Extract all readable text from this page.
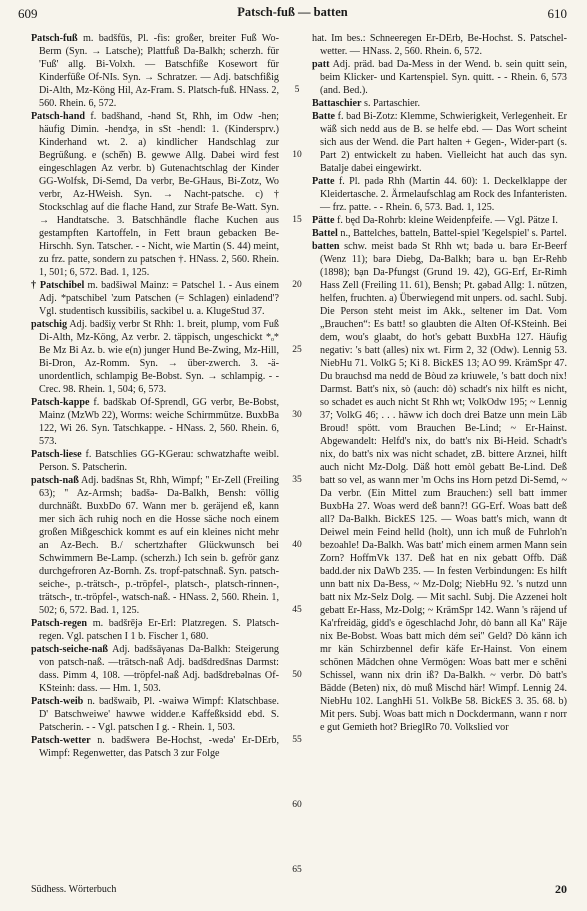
609	Patsch-fuß — batten	610

Patsch-fuß m. badšfūs, Pl. -fis: großer, breiter Fuß Wo-Berm (Syn. → Latsche); Plattfuß Da-Balkh; scherzh. für 'Fuß' allg. Bi-Volxh. — Batschfiße Kosewort für Kinderfüße Of-NIs. Syn. → Schratzer. — Adj. batschfißig Di-Alth, Mz-Köng Hil, Az-Fram. S. Platsch-fuß. HNass. 2, 560. Rhein. 6, 572.

Patsch-hand f. badšhand, -hənd St, Rhh, im Odw -hen; häufig Dimin. -hendʒə, in sSt -hendl: 1. (Kindersprv.) Kinderhand wt. 2. a) kindlicher Handschlag zur Begrüßung. e (schē̆n) B. gewwe Allg. Dabei wird fest eingeschlagen Az verbr. b) Gutenachtschlag der Kinder GG-Wolfsk, Di-Semd, Da verbr, Be-GHaus, Bi-Zotz, Wo verbr, Az-HWeish. Syn. → Nacht-patsche. c) † Stockschlag auf die flache Hand, zur Strafe Be-Watt. Syn. → Handtatsche. 3. Batschhändle flache Kuchen aus gestampften Kartoffeln, in Fett braun gebacken Be-Hirschh. Syn. Tatscher. - - Nicht, wie Martin (S. 44) meint, zu frz. patte, sondern zu patschen †. HNass. 2, 560. Rhein. 1, 501; 6, 572. Bad. 1, 125.

† Patschibel m. badšiwəl Mainz: = Patschel 1. - Aus einem Adj. *patschibel 'zum Patschen (= Schlagen) einladend'? Vgl. studentisch kussibilis, sackibel u. a. KlugeStud 37.

patschig Adj. badšiχ verbr St Rhh: 1. breit, plump, vom Fuß Di-Alth, Mz-Köng, Az verbr. 2. täppisch, ungeschickt *ₒ* Be Mz Bi Az. b. wie e(n) junger Hund Be-Zwing, Mz-Hill, Bi-Dron, Az-Romm. Syn. → über-zwerch. 3. -ä- unordentlich, schlampig Be-Bobst. Syn. → schlampig. - - Crec. 98. Rhein. 1, 504; 6, 573.

Patsch-kappe f. badškab Of-Sprendl, GG verbr, Be-Bobst, Mainz (MzWb 22), Worms: weiche Schirmmütze. BuxbBa 122, Wi 26. Syn. Tatschkappe. - HNass. 2, 560. Rhein. 6, 573.

Patsch-liese f. Batschlies GG-KGerau: schwatzhafte weibl. Person. S. Patscherin.

patsch-naß Adj. badšnas St, Rhh, Wimpf; '' Er-Zell (Freiling 63); '' Az-Armsh; badšə- Da-Balkh, Bensh: völlig durchnäßt. BuxbDo 67. Wann mer b. geräjend eß, kann mer sich äch ruhig noch en die Hosse säche noch einem großen Mißgeschick kommt es auf ein kleines nicht mehr an Az-Bech. B./ schertzhafter Glückwunsch bei Schwimmern Be-Lamp. (scherzh.) Ich sein b. gefrör ganz durchgefroren Az-Bornh. Zs. tropf-patschnaß. Syn. patsch-seiche-, p.-trätsch-, p.-tröpfel-, platsch-, platsch-rinnen-, trätsch-, tr.-tröpfel-, watsch-naß. - HNass. 2, 560. Rhein. 1, 502; 6, 572. Bad. 1, 125.

Patsch-regen m. badšrējə Er-Erl: Platzregen. S. Platsch-regen. Vgl. patschen I 1 b. Fischer 1, 680.

patsch-seiche-naß Adj. badšsāγənas Da-Balkh: Steigerung von patsch-naß. —trätsch-naß Adj. badšdredšnas Darmst: dass. Pimm 4, 108. —tröpfel-naß Adj. badšdrebəlnas Of-KSteinh: dass. — Hm. 1, 503.

Patsch-weib n. badšwaib, Pl. -waiwə Wimpf: Klatschbase. D' Batschweiwe' hawwe widder.e Kaffeßksidd ebd. S. Patscherin. - - Vgl. patschen I g. - Rhein. 1, 503.

Patsch-wetter n. badšwerə Be-Hochst, -wedə' Er-DErb, Wimpf: Regenwetter, das Patsch 3 zur Folge

5
10
15
20
25
30
35
40
45
50
55
60
65

hat. Im bes.: Schneeregen Er-DErb, Be-Hochst. S. Patschel-wetter. — HNass. 2, 560. Rhein. 6, 572.

patt Adj. präd. bad Da-Mess in der Wend. b. sein quitt sein, beim Klicker- und Kartenspiel. Syn. quitt. - - Rhein. 6, 573 (and. Bed.).

Battaschier s. Partaschier.

Batte f. bad Bi-Zotz: Klemme, Schwierigkeit, Verlegenheit. Er wäß sich nedd aus de B. se helfe ebd. — Das Wort scheint sich aus der Wend. die Part halten + Gegen-, Wider-part (s. Part 2) entwickelt zu haben. Vielleicht hat auch das syn. Batalje dabei eingewirkt.

Patte f. Pl. padə Rhh (Martin 44. 60): 1. Deckelklappe der Kleidertasche. 2. Ärmelaufschlag am Rock des Infanteristen. — frz. patte. - - Rhein. 6, 573. Bad. 1, 125.

Pätte f. będ Da-Rohrb: kleine Weidenpfeife. — Vgl. Pätze I.

Battel n., Battelches, batteln, Battel-spiel 'Kegelspiel' s. Partel.

batten schw. meist badə St Rhh wt; badə u. barə Er-Beerf (Wenz 11); barə Diebg, Da-Balkh; barə u. bạn Er-Rehb (1898); bạn Da-Pfungst (Grund 19. 42), GG-Erf, Er-Rimh Hass Zell (Freiling 11. 61), Bensh; Pt. gəbad Allg: 1. nützen, helfen, fruchten. a) Überwiegend mit unpers. od. sachl. Subj. Die Person steht meist im Akk., seltener im Dat. Vom „Brauchen“: Es batt! so glaubten die Alten Of-KSteinh. Bei dem, wou's glaabt, do hot's gebatt BuxbHa 127. Häufig negativ: 's batt (alles) nix wt. Firm 2, 32 (Odw). Lennig 53. NiebHu 71. VolkG 5; Ki 8. BickES 13; AO 99. KrämSpr 47. Du brauchsd ma nedd de Bòud zə kriuwele, 's batt doch nix! Darmst. Batt's nix, sò (auch: dò) schadt's nix hilft es nicht, so schadet es auch nicht St Rhh wt; VolkOdw 195; ~ Lennig 37; VolkG 46; . . . häww ich doch drei Batze unn mein Läb Broud! spött. vom Brauchen Be-Lind; ~ Er-Hainst. Abgewandelt: Helfd's nix, do batt's nix Bi-Heid. Schadt's nix, do batt's nix was nicht schadet, zB. bittere Arznei, hilft auch nicht Mz-Dolg. Däß hott emòl gebatt Be-Lind. Deß batt so vel, as wann mer 'm Ochs ins Horn petzd Di-Semd, ~ Da verbr. (Ein Mittel zum Brauchen:) sell batt immer BuxbHa 27. Woas werd deß bann?! GG-Erf. Woas batt deß all? Da-Balkh. BickES 125. — Woas batt's mich, wann dt Deiwel mein Feind helld (holt), unn ich muß de Fuhrloh'n bezoahle! Da-Balkh. Was batt' mich einem armen Mann sein Zorn? HoffmVk 137. Deß hat en nix gebatt Offb. Däß badd.der nix DaWb 235. — In festen Verbindungen: Es hilft unn batt nix Da-Bess, ~ Mz-Dolg; NiebHu 92. 's nutzd unn batt nix Mz-Selz Dolg. — Mit sachl. Subj. Die Azzenei holt gebatt Er-Hass, Mz-Dolg; ~ KrämSpr 142. Wann 's räjend uf Ka'rfreidäg, gidd's e ögeschlachd Johr, dò bann all Ka'' Räje nix Be-Bobst. Woas batt mich dém sei'' Geld? Dò känn ich mr kän Schirzbennel defir käfe Er-Hainst. Von einem schönen Mädchen ohne Vermögen: Woas batt mer e schēni Schissel, wann nix drin iß? Da-Balkh. ~ verbr. Dò batt's Bädde (Beten) nix, dò muß Mischd här! Wimpf. Lennig 24. NiebHu 102. LanghHi 51. VolkBe 58. BickES 3. 35. 68. b) Mit pers. Subj. Woas batt mich n Dockdermann, wann r norr e gut Gemieth hot? BrieglRo 70. Volkslied vor

Südhess. Wörterbuch	20
